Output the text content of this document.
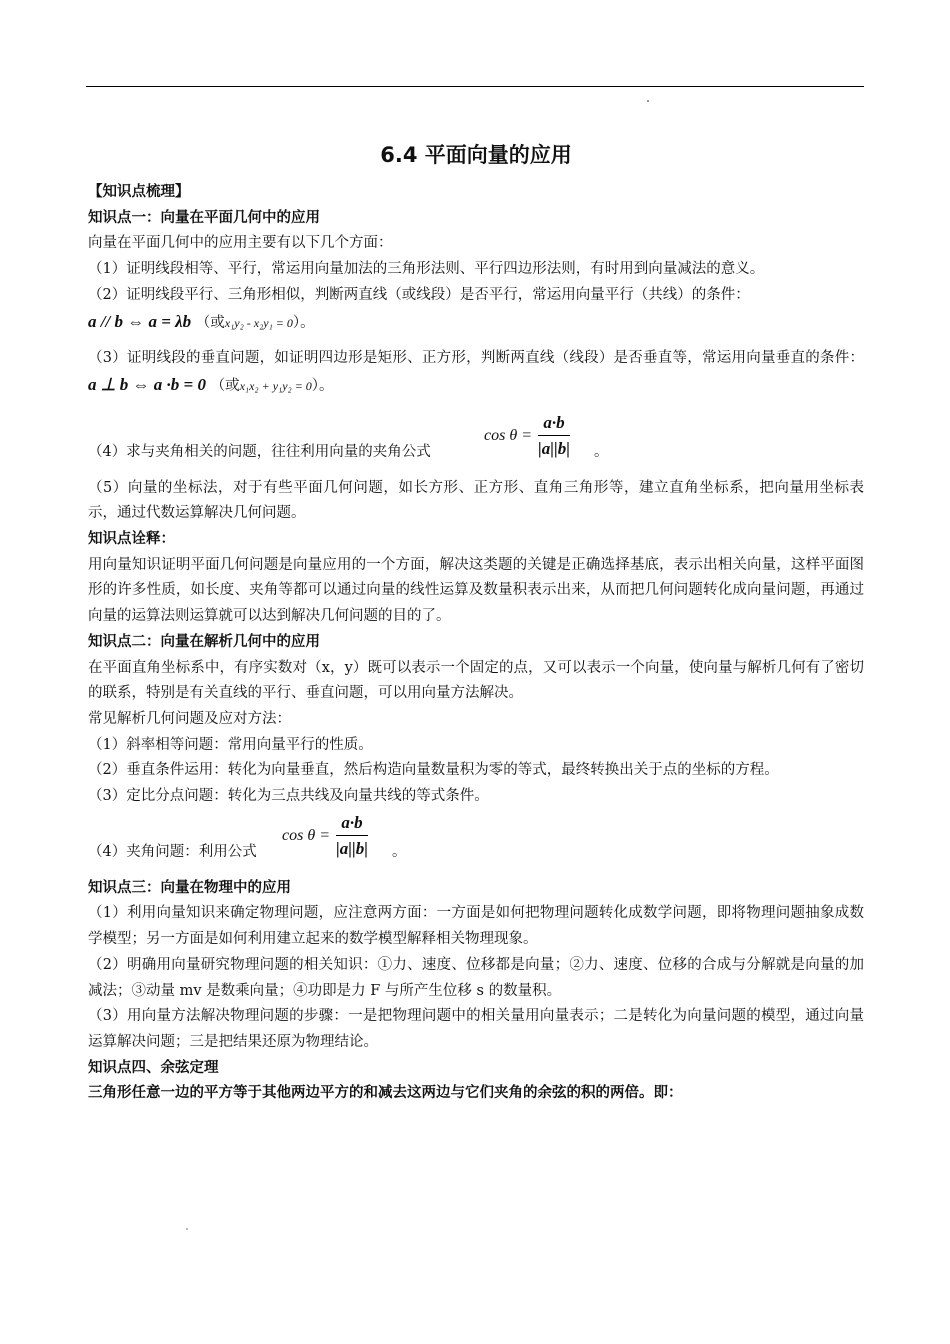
6.4 平面向量的应用

【知识点梳理】

知识点一：向量在平面几何中的应用

向量在平面几何中的应用主要有以下几个方面：

（1）证明线段相等、平行，常运用向量加法的三角形法则、平行四边形法则，有时用到向量减法的意义。

（2）证明线段平行、三角形相似，判断两直线（或线段）是否平行，常运用向量平行（共线）的条件：

a // b ⇔ a = λb （或x₁y₂ - x₂y₁ = 0）。

（3）证明线段的垂直问题，如证明四边形是矩形、正方形，判断两直线（线段）是否垂直等，常运用向量垂直的条件： a ⊥ b ⇔ a ·b = 0 （或x₁x₂ + y₁y₂ = 0）。

（4）求与夹角相关的问题，往往利用向量的夹角公式
$\cos \theta = \frac{a\cdot b}{|a||b|}$ 。

（5）向量的坐标法，对于有些平面几何问题，如长方形、正方形、直角三角形等，建立直角坐标系，把向量用坐标表示，通过代数运算解决几何问题。

知识点诠释：

用向量知识证明平面几何问题是向量应用的一个方面，解决这类题的关键是正确选择基底，表示出相关向量，这样平面图形的许多性质，如长度、夹角等都可以通过向量的线性运算及数量积表示出来，从而把几何问题转化成向量问题，再通过向量的运算法则运算就可以达到解决几何问题的目的了。

知识点二：向量在解析几何中的应用

在平面直角坐标系中，有序实数对（x，y）既可以表示一个固定的点，又可以表示一个向量，使向量与解析几何有了密切的联系，特别是有关直线的平行、垂直问题，可以用向量方法解决。

常见解析几何问题及应对方法：

（1）斜率相等问题：常用向量平行的性质。

（2）垂直条件运用：转化为向量垂直，然后构造向量数量积为零的等式，最终转换出关于点的坐标的方程。

（3）定比分点问题：转化为三点共线及向量共线的等式条件。

（4）夹角问题：利用公式
$\cos \theta = \frac{a\cdot b}{|a||b|}$ 。

知识点三：向量在物理中的应用

（1）利用向量知识来确定物理问题，应注意两方面：一方面是如何把物理问题转化成数学问题，即将物理问题抽象成数学模型；另一方面是如何利用建立起来的数学模型解释相关物理现象。

（2）明确用向量研究物理问题的相关知识：①力、速度、位移都是向量；②力、速度、位移的合成与分解就是向量的加减法；③动量 mv 是数乘向量；④功即是力 F 与所产生位移 s 的数量积。

（3）用向量方法解决物理问题的步骤：一是把物理问题中的相关量用向量表示；二是转化为向量问题的模型，通过向量运算解决问题；三是把结果还原为物理结论。

知识点四、余弦定理

三角形任意一边的平方等于其他两边平方的和减去这两边与它们夹角的余弦的积的两倍。即：
